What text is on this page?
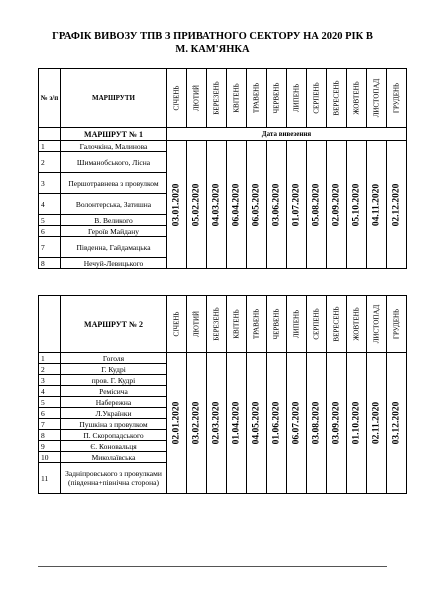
ГРАФІК ВИВОЗУ ТПВ З ПРИВАТНОГО СЕКТОРУ НА 2020 РІК В
М. КАМ'ЯНКА
№ з/п	МАРШРУТИ	СІЧЕНЬ	ЛЮТИЙ	БЕРЕЗЕНЬ	КВІТЕНЬ	ТРАВЕНЬ	ЧЕРВЕНЬ	ЛИПЕНЬ	СЕРПЕНЬ	ВЕРЕСЕНЬ	ЖОВТЕНЬ	ЛИСТОПАД	ГРУДЕНЬ

	МАРШРУТ № 1	Дата вивезення											
1	Галочкіна, Малинова	03.01.2020	05.02.2020	04.03.2020	06.04.2020	06.05.2020	03.06.2020	01.07.2020	05.08.2020	02.09.2020	05.10.2020	04.11.2020	02.12.2020

2	Шиманобського, Лісна												
3	Першотравнева з провулком												
4	Волонтерська, Затишна												
5	В. Великого												
6	Героїв Майдану												
7	Південна, Гайдамацька												
8	Нечуй-Левицького												
	МАРШРУТ № 2	СІЧЕНЬ	ЛЮТИЙ	БЕРЕЗЕНЬ	КВІТЕНЬ	ТРАВЕНЬ	ЧЕРВЕНЬ	ЛИПЕНЬ	СЕРПЕНЬ	ВЕРЕСЕНЬ	ЖОВТЕНЬ	ЛИСТОПАД	ГРУДЕНЬ

1	Гоголя	02.01.2020	03.02.2020	02.03.2020	01.04.2020	04.05.2020	01.06.2020	06.07.2020	03.08.2020	03.09.2020	01.10.2020	02.11.2020	03.12.2020

2	Г. Кудрі												
3	пров. Г. Кудрі												
4	Ремісича												
5	Набережна												
6	Л.Українки												
7	Пушкіна з провулком												
8	П. Скоропадського												
9	Є. Коновальця												
10	Миколаївська												
11	Задніпровського з провулками (південна+північна сторона)												
